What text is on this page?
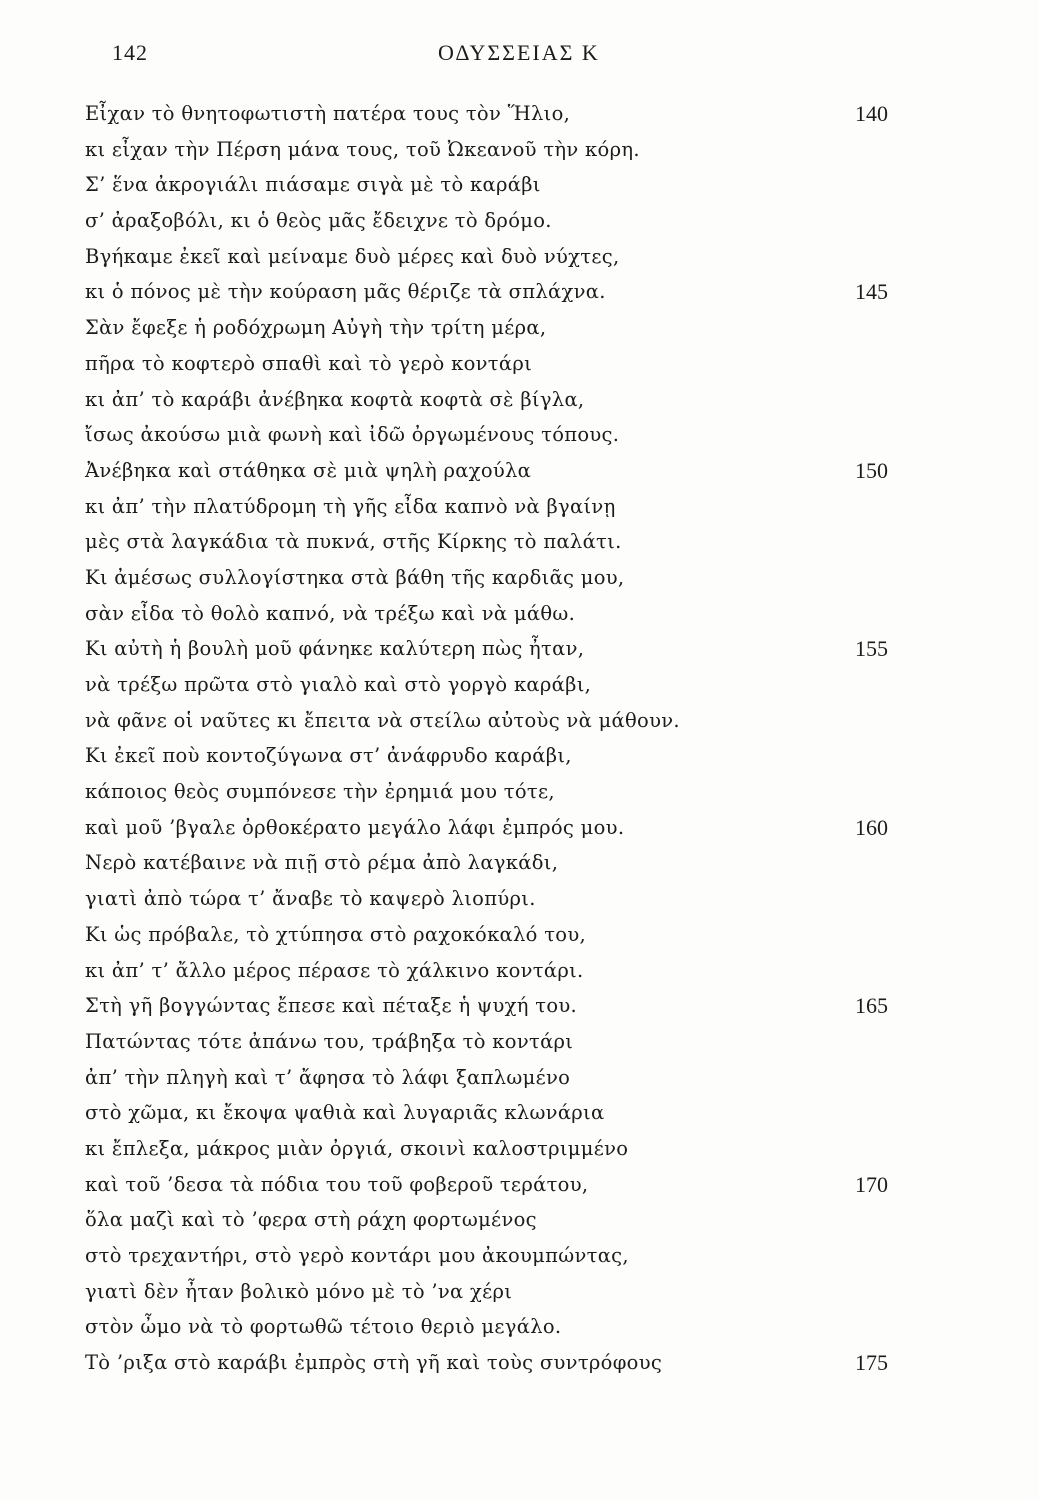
142	ΟΔΥΣΣΕΙΑΣ Κ
Εἶχαν τὸ θνητοφωτιστὴ πατέρα τους τὸν Ἥλιο,	140
κι εἶχαν τὴν Πέρση μάνα τους, τοῦ Ὠκεανοῦ τὴν κόρη.
Σ’ ἕνα ἀκρογιάλι πιάσαμε σιγὰ μὲ τὸ καράβι
σ’ ἀραξοβόλι, κι ὁ θεὸς μᾶς ἔδειχνε τὸ δρόμο.
Βγήκαμε ἐκεῖ καὶ μείναμε δυὸ μέρες καὶ δυὸ νύχτες,
κι ὁ πόνος μὲ τὴν κούραση μᾶς θέριζε τὰ σπλάχνα.	145
Σὰν ἔφεξε ἡ ροδόχρωμη Αὐγὴ τὴν τρίτη μέρα,
πῆρα τὸ κοφτερὸ σπαθὶ καὶ τὸ γερὸ κοντάρι
κι ἀπ’ τὸ καράβι ἀνέβηκα κοφτὰ κοφτὰ σὲ βίγλα,
ἴσως ἀκούσω μιὰ φωνὴ καὶ ἰδῶ ὀργωμένους τόπους.
Ἀνέβηκα καὶ στάθηκα σὲ μιὰ ψηλὴ ραχούλα	150
κι ἀπ’ τὴν πλατύδρομη τὴ γῆς εἶδα καπνὸ νὰ βγαίνῃ
μὲς στὰ λαγκάδια τὰ πυκνά, στῆς Κίρκης τὸ παλάτι.
Κι ἀμέσως συλλογίστηκα στὰ βάθη τῆς καρδιᾶς μου,
σὰν εἶδα τὸ θολὸ καπνό, νὰ τρέξω καὶ νὰ μάθω.
Κι αὐτὴ ἡ βουλὴ μοῦ φάνηκε καλύτερη πὼς ἦταν,	155
νὰ τρέξω πρῶτα στὸ γιαλὸ καὶ στὸ γοργὸ καράβι,
νὰ φᾶνε οἱ ναῦτες κι ἔπειτα νὰ στείλω αὐτοὺς νὰ μάθουν.
Κι ἐκεῖ ποὺ κοντοζύγωνα στ’ ἀνάφρυδο καράβι,
κάποιος θεὸς συμπόνεσε τὴν ἐρημιά μου τότε,
καὶ μοῦ ’βγαλε ὀρθοκέρατο μεγάλο λάφι ἐμπρός μου.	160
Νερὸ κατέβαινε νὰ πιῇ στὸ ρέμα ἀπὸ λαγκάδι,
γιατὶ ἀπὸ τώρα τ’ ἄναβε τὸ καψερὸ λιοπύρι.
Κι ὡς πρόβαλε, τὸ χτύπησα στὸ ραχοκόκαλό του,
κι ἀπ’ τ’ ἄλλο μέρος πέρασε τὸ χάλκινο κοντάρι.
Στὴ γῆ βογγώντας ἔπεσε καὶ πέταξε ἡ ψυχή του.	165
Πατώντας τότε ἀπάνω του, τράβηξα τὸ κοντάρι
ἀπ’ τὴν πληγὴ καὶ τ’ ἄφησα τὸ λάφι ξαπλωμένο
στὸ χῶμα, κι ἔκοψα ψαθιὰ καὶ λυγαριᾶς κλωνάρια
κι ἔπλεξα, μάκρος μιὰν ὀργιά, σκοινὶ καλοστριμμένο
καὶ τοῦ ’δεσα τὰ πόδια του τοῦ φοβεροῦ τεράτου,	170
ὅλα μαζὶ καὶ τὸ ’φερα στὴ ράχη φορτωμένος
στὸ τρεχαντήρι, στὸ γερὸ κοντάρι μου ἀκουμπώντας,
γιατὶ δὲν ἦταν βολικὸ μόνο μὲ τὸ ’να χέρι
στὸν ὦμο νὰ τὸ φορτωθῶ τέτοιο θεριὸ μεγάλο.
Τὸ ’ριξα στὸ καράβι ἐμπρὸς στὴ γῆ καὶ τοὺς συντρόφους	175
